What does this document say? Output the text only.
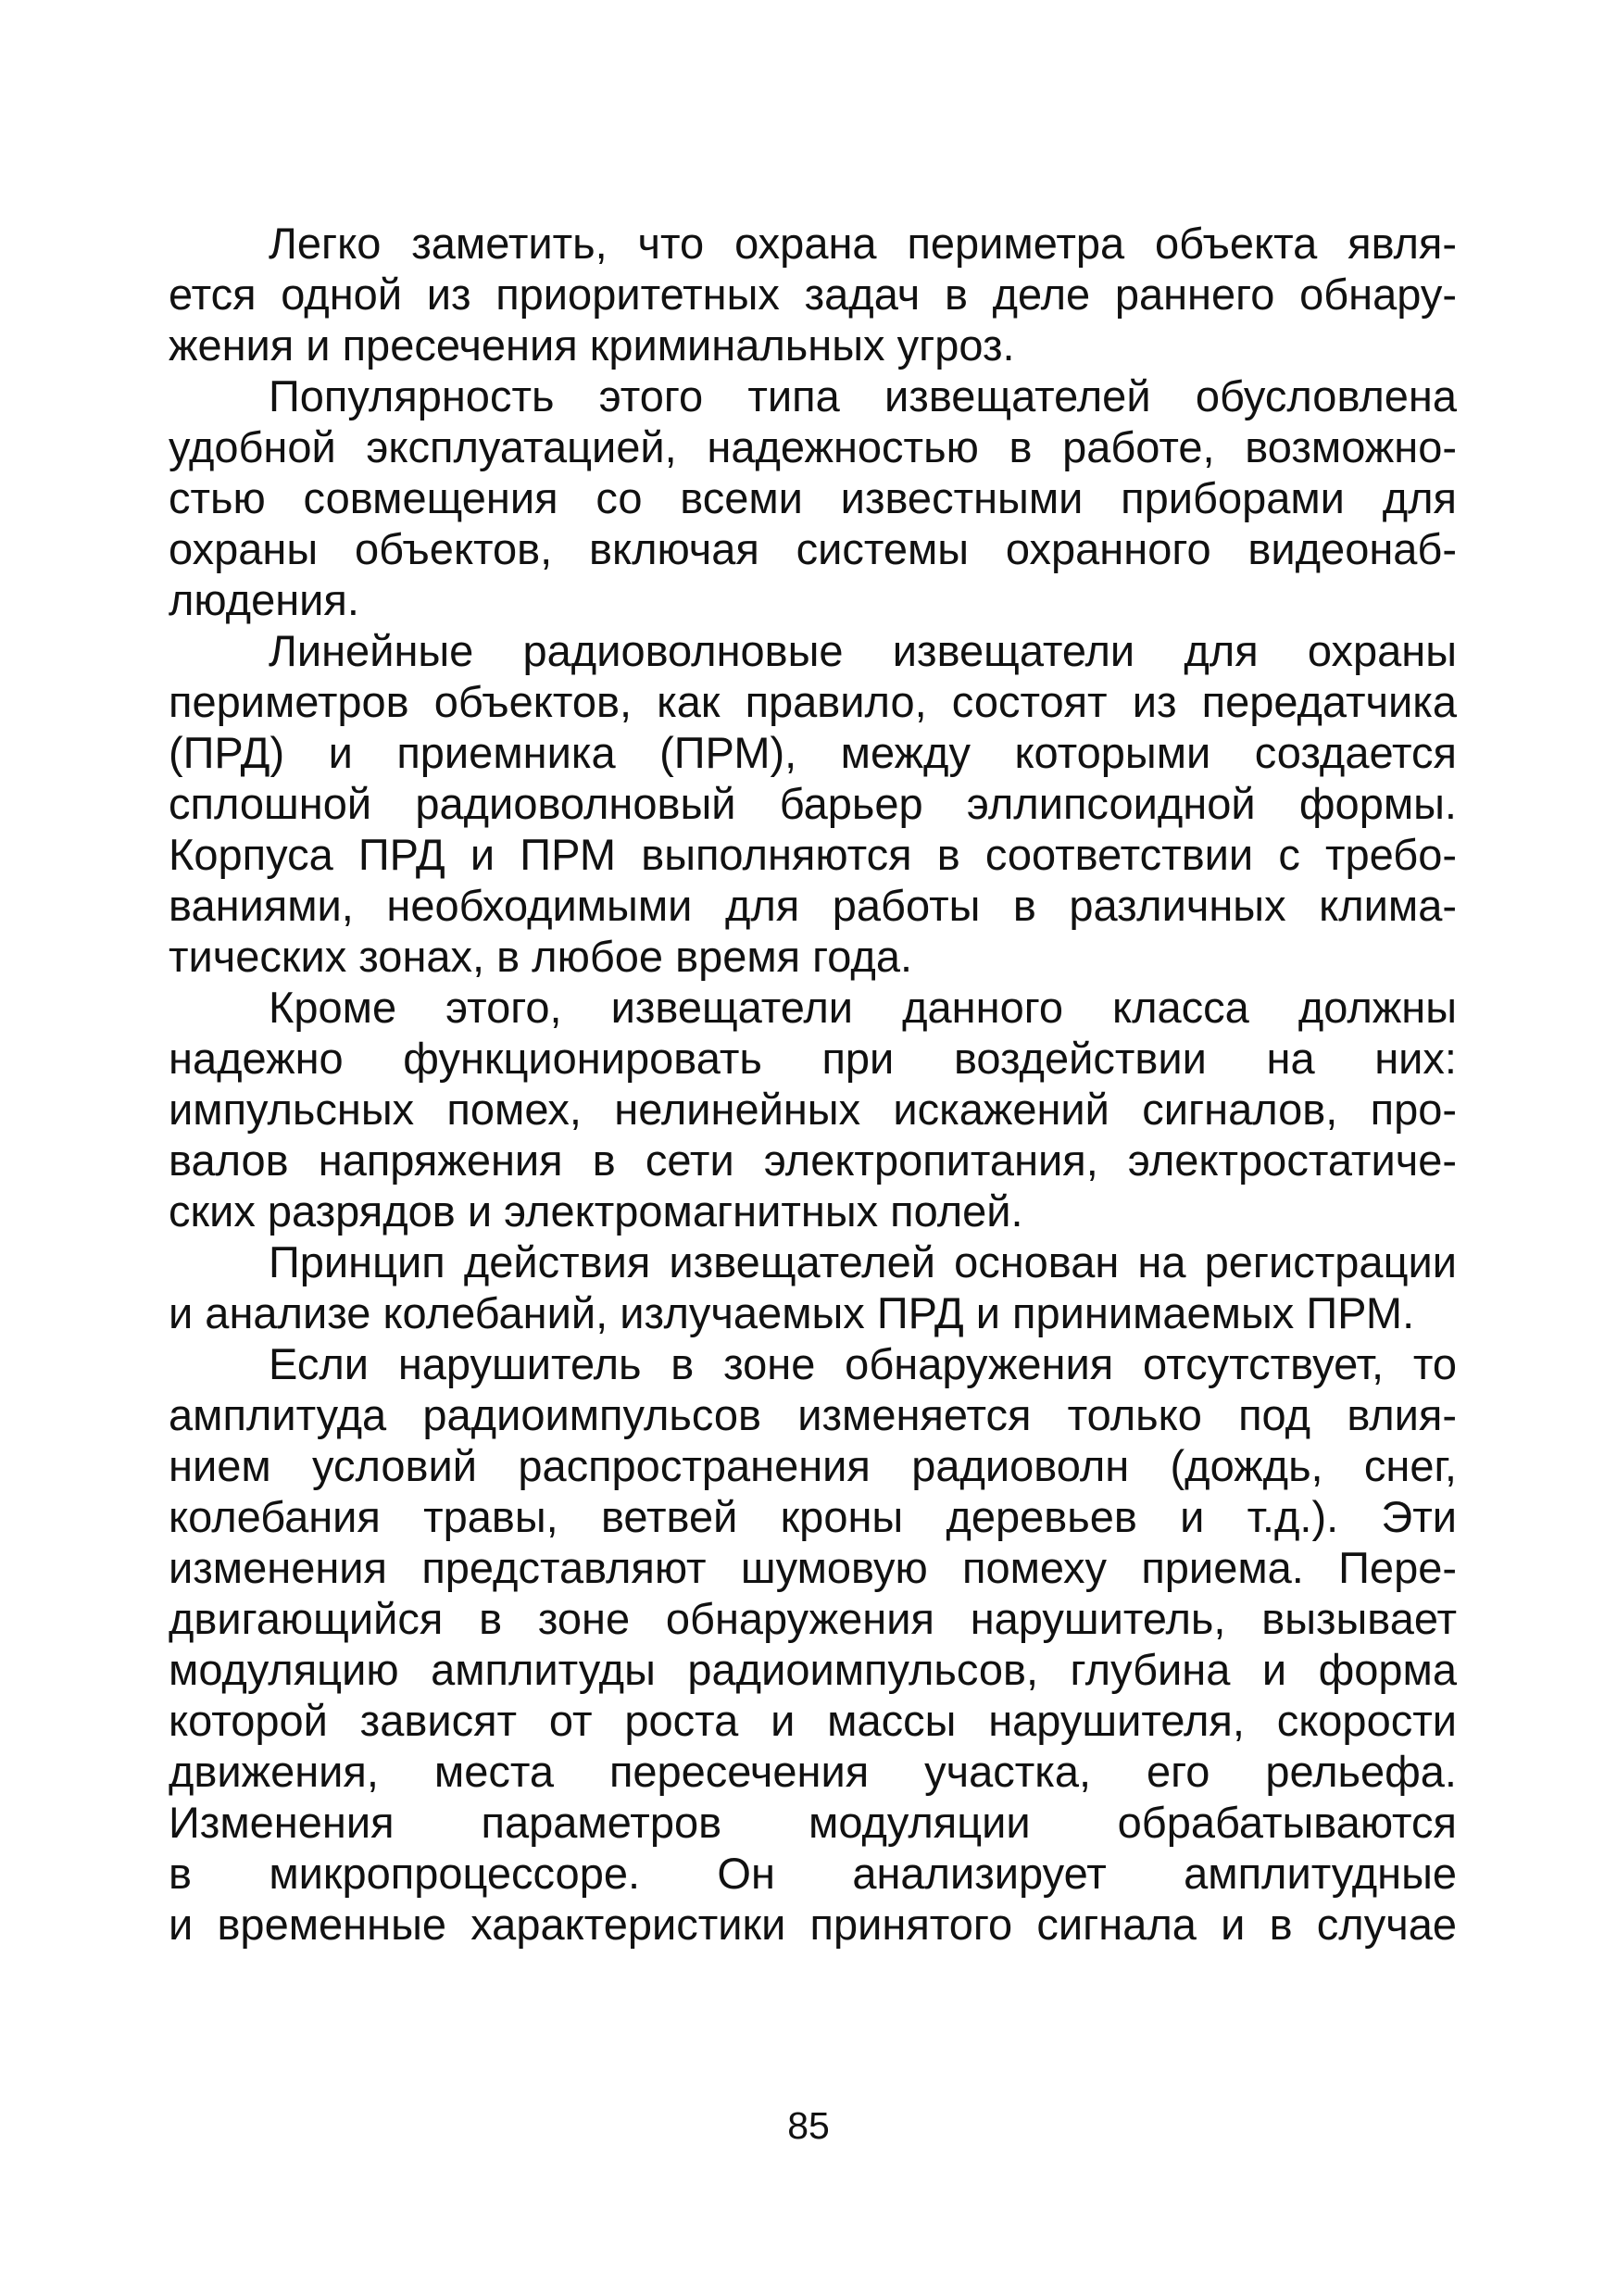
Легко заметить, что охрана периметра объекта явля-
ется одной из приоритетных задач в деле раннего обнару-
жения и пресечения криминальных угроз.
Популярность этого типа извещателей обусловлена
удобной эксплуатацией, надежностью в работе, возможно-
стью совмещения со всеми известными приборами для
охраны объектов, включая системы охранного видеонаб-
людения.
Линейные радиоволновые извещатели для охраны
периметров объектов, как правило, состоят из передатчика
(ПРД) и приемника (ПРМ), между которыми создается
сплошной радиоволновый барьер эллипсоидной формы.
Корпуса ПРД и ПРМ выполняются в соответствии с требо-
ваниями, необходимыми для работы в различных клима-
тических зонах, в любое время года.
Кроме этого, извещатели данного класса должны
надежно функционировать при воздействии на них:
импульсных помех, нелинейных искажений сигналов, про-
валов напряжения в сети электропитания, электростатиче-
ских разрядов и электромагнитных полей.
Принцип действия извещателей основан на регистрации
и анализе колебаний, излучаемых ПРД и принимаемых ПРМ.
Если нарушитель в зоне обнаружения отсутствует, то
амплитуда радиоимпульсов изменяется только под влия-
нием условий распространения радиоволн (дождь, снег,
колебания травы, ветвей кроны деревьев и т.д.). Эти
изменения представляют шумовую помеху приема. Пере-
двигающийся в зоне обнаружения нарушитель, вызывает
модуляцию амплитуды радиоимпульсов, глубина и форма
которой зависят от роста и массы нарушителя, скорости
движения, места пересечения участка, его рельефа.
Изменения параметров модуляции обрабатываются
в микропроцессоре. Он анализирует амплитудные
и временные характеристики принятого сигнала и в случае
85
